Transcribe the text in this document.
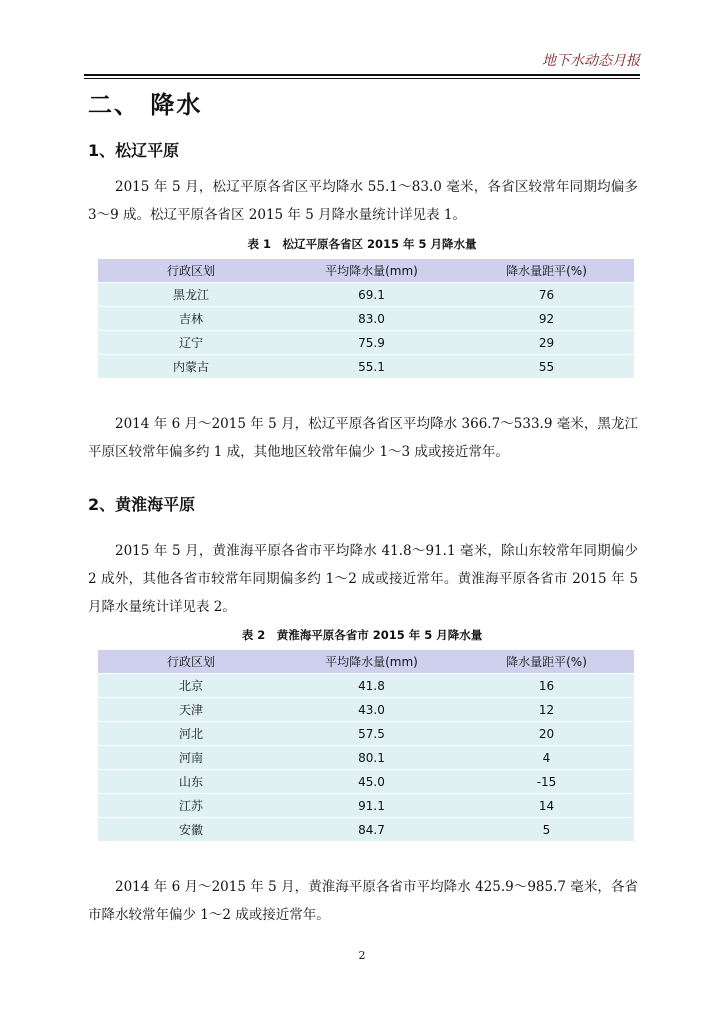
地下水动态月报
二、 降水
1、松辽平原
2015 年 5 月，松辽平原各省区平均降水 55.1～83.0 毫米，各省区较常年同期均偏多 3～9 成。松辽平原各省区 2015 年 5 月降水量统计详见表 1。
表 1　松辽平原各省区 2015 年 5 月降水量
行政区划	平均降水量(mm)	降水量距平(%)
黑龙江	69.1	76
吉林	83.0	92
辽宁	75.9	29
内蒙古	55.1	55
2014 年 6 月～2015 年 5 月，松辽平原各省区平均降水 366.7～533.9 毫米，黑龙江平原区较常年偏多约 1 成，其他地区较常年偏少 1～3 成或接近常年。
2、黄淮海平原
2015 年 5 月，黄淮海平原各省市平均降水 41.8～91.1 毫米，除山东较常年同期偏少 2 成外，其他各省市较常年同期偏多约 1～2 成或接近常年。黄淮海平原各省市 2015 年 5 月降水量统计详见表 2。
表 2　黄淮海平原各省市 2015 年 5 月降水量
行政区划	平均降水量(mm)	降水量距平(%)
北京	41.8	16
天津	43.0	12
河北	57.5	20
河南	80.1	4
山东	45.0	-15
江苏	91.1	14
安徽	84.7	5
2014 年 6 月～2015 年 5 月，黄淮海平原各省市平均降水 425.9～985.7 毫米，各省市降水较常年偏少 1～2 成或接近常年。
2
